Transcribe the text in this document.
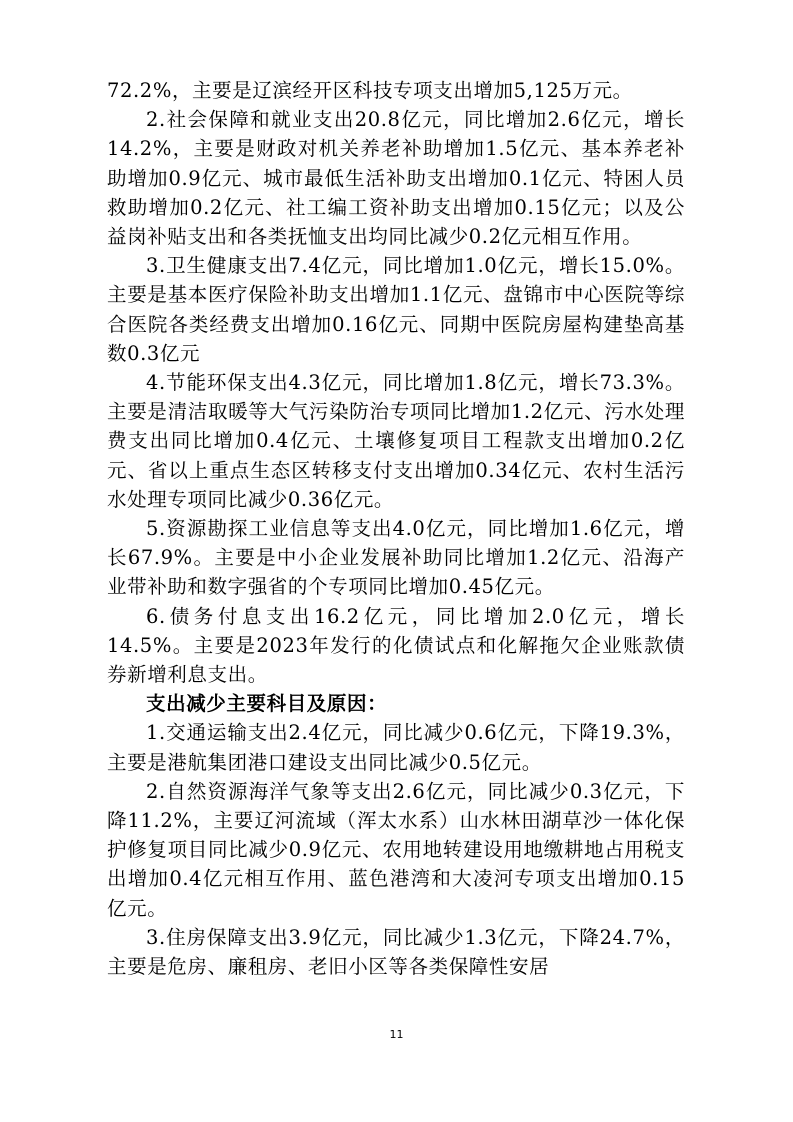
72.2%，主要是辽滨经开区科技专项支出增加5,125万元。

2.社会保障和就业支出20.8亿元，同比增加2.6亿元，增长14.2%，主要是财政对机关养老补助增加1.5亿元、基本养老补助增加0.9亿元、城市最低生活补助支出增加0.1亿元、特困人员救助增加0.2亿元、社工编工资补助支出增加0.15亿元；以及公益岗补贴支出和各类抚恤支出均同比减少0.2亿元相互作用。

3.卫生健康支出7.4亿元，同比增加1.0亿元，增长15.0%。主要是基本医疗保险补助支出增加1.1亿元、盘锦市中心医院等综合医院各类经费支出增加0.16亿元、同期中医院房屋构建垫高基数0.3亿元

4.节能环保支出4.3亿元，同比增加1.8亿元，增长73.3%。主要是清洁取暖等大气污染防治专项同比增加1.2亿元、污水处理费支出同比增加0.4亿元、土壤修复项目工程款支出增加0.2亿元、省以上重点生态区转移支付支出增加0.34亿元、农村生活污水处理专项同比减少0.36亿元。

5.资源勘探工业信息等支出4.0亿元，同比增加1.6亿元，增长67.9%。主要是中小企业发展补助同比增加1.2亿元、沿海产业带补助和数字强省的个专项同比增加0.45亿元。

6.债务付息支出16.2亿元，同比增加2.0亿元，增长14.5%。主要是2023年发行的化债试点和化解拖欠企业账款债券新增利息支出。

支出减少主要科目及原因：

1.交通运输支出2.4亿元，同比减少0.6亿元，下降19.3%，主要是港航集团港口建设支出同比减少0.5亿元。

2.自然资源海洋气象等支出2.6亿元，同比减少0.3亿元，下降11.2%，主要辽河流域（浑太水系）山水林田湖草沙一体化保护修复项目同比减少0.9亿元、农用地转建设用地缴耕地占用税支出增加0.4亿元相互作用、蓝色港湾和大凌河专项支出增加0.15亿元。

3.住房保障支出3.9亿元，同比减少1.3亿元，下降24.7%，主要是危房、廉租房、老旧小区等各类保障性安居

11
